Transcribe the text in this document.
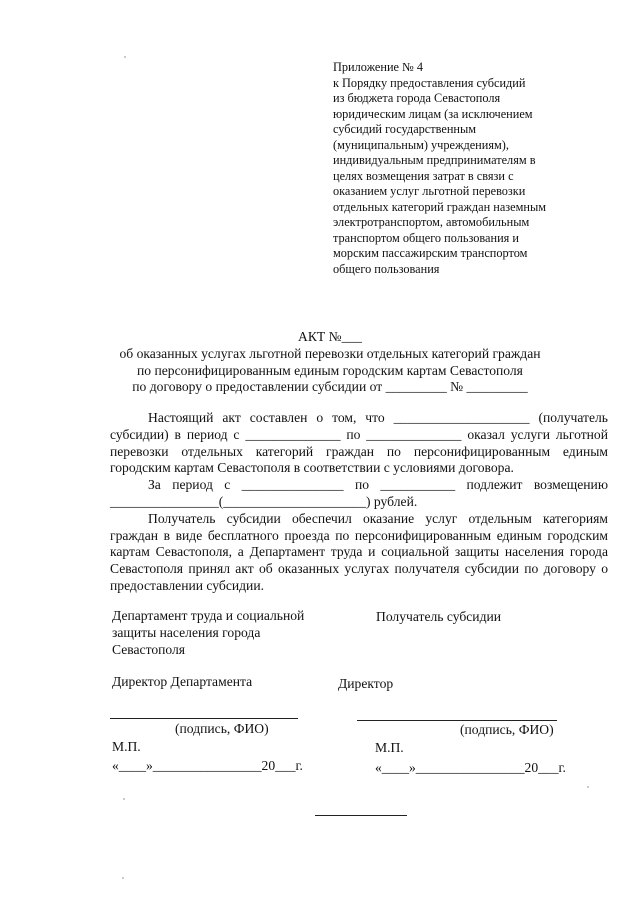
Приложение № 4
к Порядку предоставления субсидий
из бюджета города Севастополя
юридическим лицам (за исключением
субсидий государственным
(муниципальным) учреждениям),
индивидуальным предпринимателям в
целях возмещения затрат в связи с
оказанием услуг льготной перевозки
отдельных категорий граждан наземным
электротранспортом, автомобильным
транспортом общего пользования и
морским пассажирским транспортом
общего пользования
АКТ №___
об оказанных услугах льготной перевозки отдельных категорий граждан
по персонифицированным единым городским картам Севастополя
по договору о предоставлении субсидии от _________ № _________

Настоящий акт составлен о том, что ____________________ (получатель субсидии) в период с ______________ по ______________ оказал услуги льготной перевозки отдельных категорий граждан по персонифицированным единым городским картам Севастополя в соответствии с условиями договора.

За период с _______________ по ___________ подлежит возмещению ________________(_____________________) рублей.

Получатель субсидии обеспечил оказание услуг отдельным категориям граждан в виде бесплатного проезда по персонифицированным единым городским картам Севастополя, а Департамент труда и социальной защиты населения города Севастополя принял акт об оказанных услугах получателя субсидии по договору о предоставлении субсидии.

Департамент труда и социальной
защиты населения города
Севастополя
Получатель субсидии
Директор Департамента	Директор
(подпись, ФИО)	(подпись, ФИО)
М.П.	М.П.
«____»________________20___г.	«____»________________20___г.
